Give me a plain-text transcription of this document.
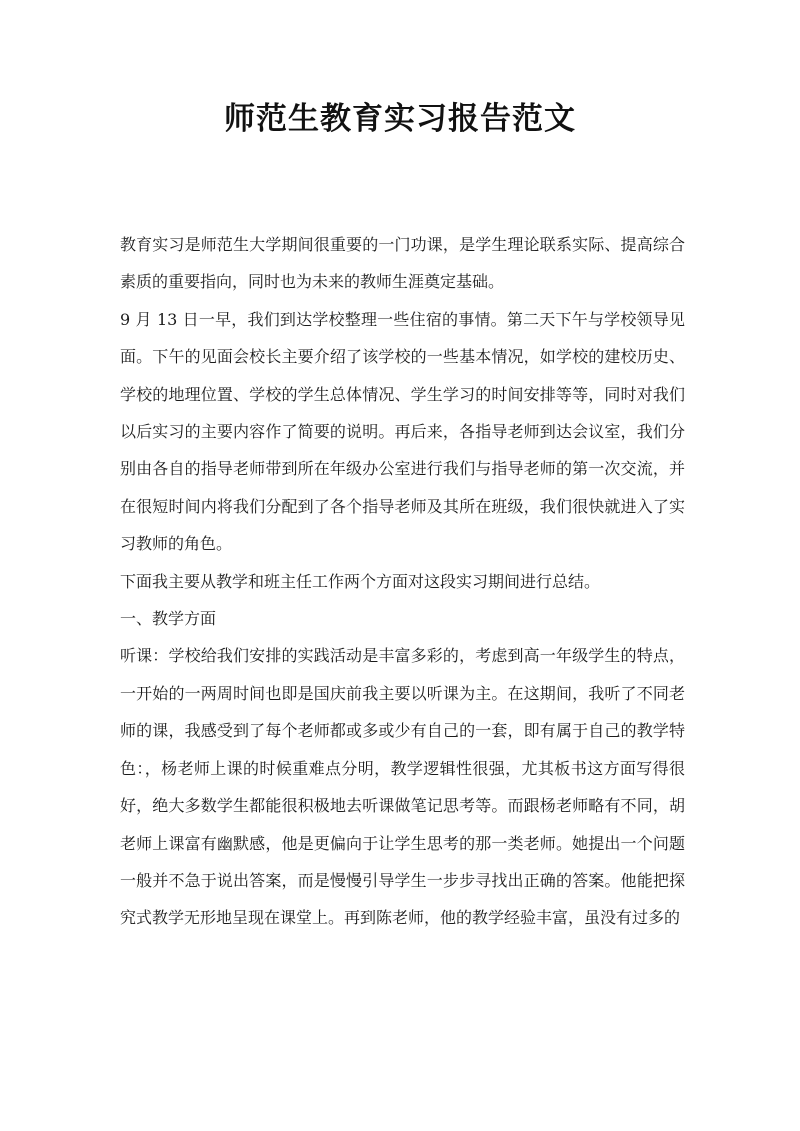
师范生教育实习报告范文

教育实习是师范生大学期间很重要的一门功课，是学生理论联系实际、提高综合素质的重要指向，同时也为未来的教师生涯奠定基础。

9 月 13 日一早，我们到达学校整理一些住宿的事情。第二天下午与学校领导见面。下午的见面会校长主要介绍了该学校的一些基本情况，如学校的建校历史、学校的地理位置、学校的学生总体情况、学生学习的时间安排等等，同时对我们以后实习的主要内容作了简要的说明。再后来，各指导老师到达会议室，我们分别由各自的指导老师带到所在年级办公室进行我们与指导老师的第一次交流，并在很短时间内将我们分配到了各个指导老师及其所在班级，我们很快就进入了实习教师的角色。

下面我主要从教学和班主任工作两个方面对这段实习期间进行总结。

一、教学方面

听课：学校给我们安排的实践活动是丰富多彩的，考虑到高一年级学生的特点，一开始的一两周时间也即是国庆前我主要以听课为主。在这期间，我听了不同老师的课，我感受到了每个老师都或多或少有自己的一套，即有属于自己的教学特色：，杨老师上课的时候重难点分明，教学逻辑性很强，尤其板书这方面写得很好，绝大多数学生都能很积极地去听课做笔记思考等。而跟杨老师略有不同，胡老师上课富有幽默感，他是更偏向于让学生思考的那一类老师。她提出一个问题一般并不急于说出答案，而是慢慢引导学生一步步寻找出正确的答案。他能把探究式教学无形地呈现在课堂上。再到陈老师，他的教学经验丰富，虽没有过多的
